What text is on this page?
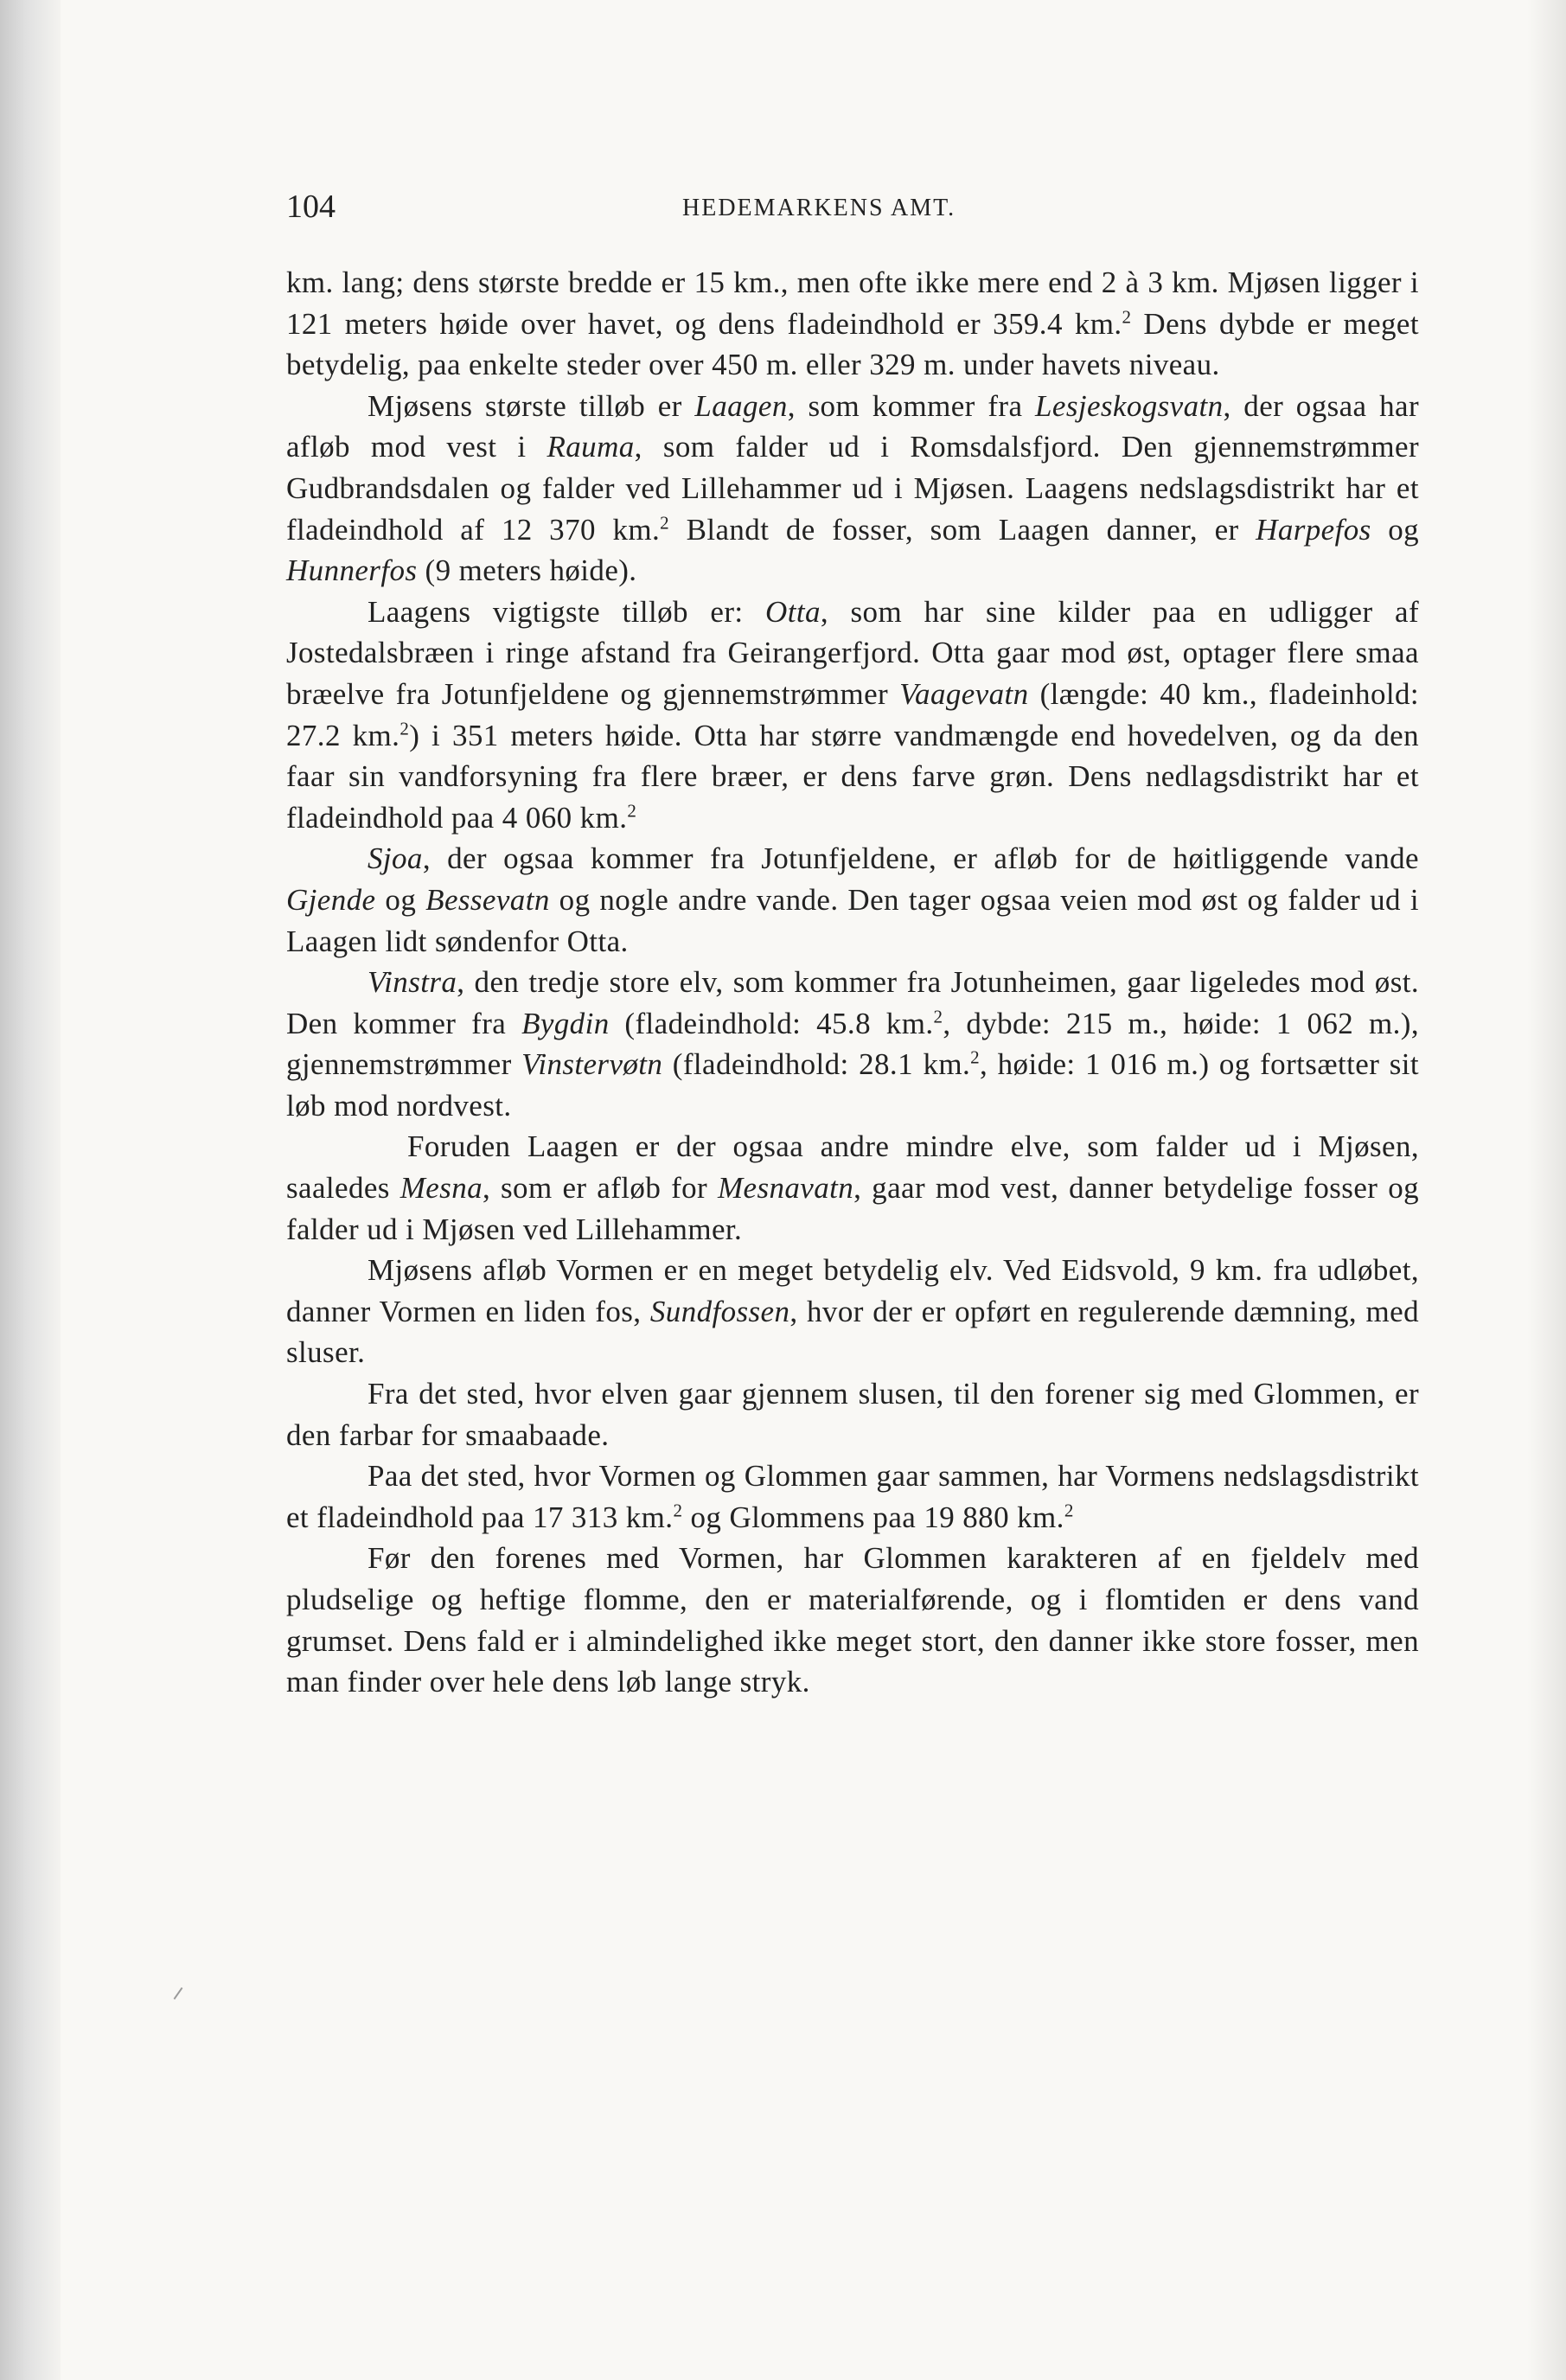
104	HEDEMARKENS AMT.

km. lang; dens største bredde er 15 km., men ofte ikke mere end 2 à 3 km. Mjøsen ligger i 121 meters høide over havet, og dens fladeindhold er 359.4 km.$^2$ Dens dybde er meget betydelig, paa enkelte steder over 450 m. eller 329 m. under havets niveau.

Mjøsens største tilløb er Laagen, som kommer fra Lesjeskogsvatn, der ogsaa har afløb mod vest i Rauma, som falder ud i Romsdalsfjord. Den gjennemstrømmer Gudbrandsdalen og falder ved Lillehammer ud i Mjøsen. Laagens nedslagsdistrikt har et fladeindhold af 12 370 km.$^2$ Blandt de fosser, som Laagen danner, er Harpefos og Hunnerfos (9 meters høide).

Laagens vigtigste tilløb er: Otta, som har sine kilder paa en udligger af Jostedalsbræen i ringe afstand fra Geirangerfjord. Otta gaar mod øst, optager flere smaa bræelve fra Jotunfjeldene og gjennemstrømmer Vaagevatn (længde: 40 km., fladeinhold: 27.2 km.$^2$) i 351 meters høide. Otta har større vandmængde end hovedelven, og da den faar sin vandforsyning fra flere bræer, er dens farve grøn. Dens nedlagsdistrikt har et fladeindhold paa 4 060 km.$^2$

Sjoa, der ogsaa kommer fra Jotunfjeldene, er afløb for de høitliggende vande Gjende og Bessevatn og nogle andre vande. Den tager ogsaa veien mod øst og falder ud i Laagen lidt søndenfor Otta.

Vinstra, den tredje store elv, som kommer fra Jotunheimen, gaar ligeledes mod øst. Den kommer fra Bygdin (fladeindhold: 45.8 km.$^2$, dybde: 215 m., høide: 1 062 m.), gjennemstrømmer Vinstervøtn (fladeindhold: 28.1 km.$^2$, høide: 1 016 m.) og fortsætter sit løb mod nordvest.

Foruden Laagen er der ogsaa andre mindre elve, som falder ud i Mjøsen, saaledes Mesna, som er afløb for Mesnavatn, gaar mod vest, danner betydelige fosser og falder ud i Mjøsen ved Lillehammer.

Mjøsens afløb Vormen er en meget betydelig elv. Ved Eidsvold, 9 km. fra udløbet, danner Vormen en liden fos, Sundfossen, hvor der er opført en regulerende dæmning, med sluser.

Fra det sted, hvor elven gaar gjennem slusen, til den forener sig med Glommen, er den farbar for smaabaade.

Paa det sted, hvor Vormen og Glommen gaar sammen, har Vormens nedslagsdistrikt et fladeindhold paa 17 313 km.$^2$ og Glommens paa 19 880 km.$^2$

Før den forenes med Vormen, har Glommen karakteren af en fjeldelv med pludselige og heftige flomme, den er materialførende, og i flomtiden er dens vand grumset. Dens fald er i almindelighed ikke meget stort, den danner ikke store fosser, men man finder over hele dens løb lange stryk.
